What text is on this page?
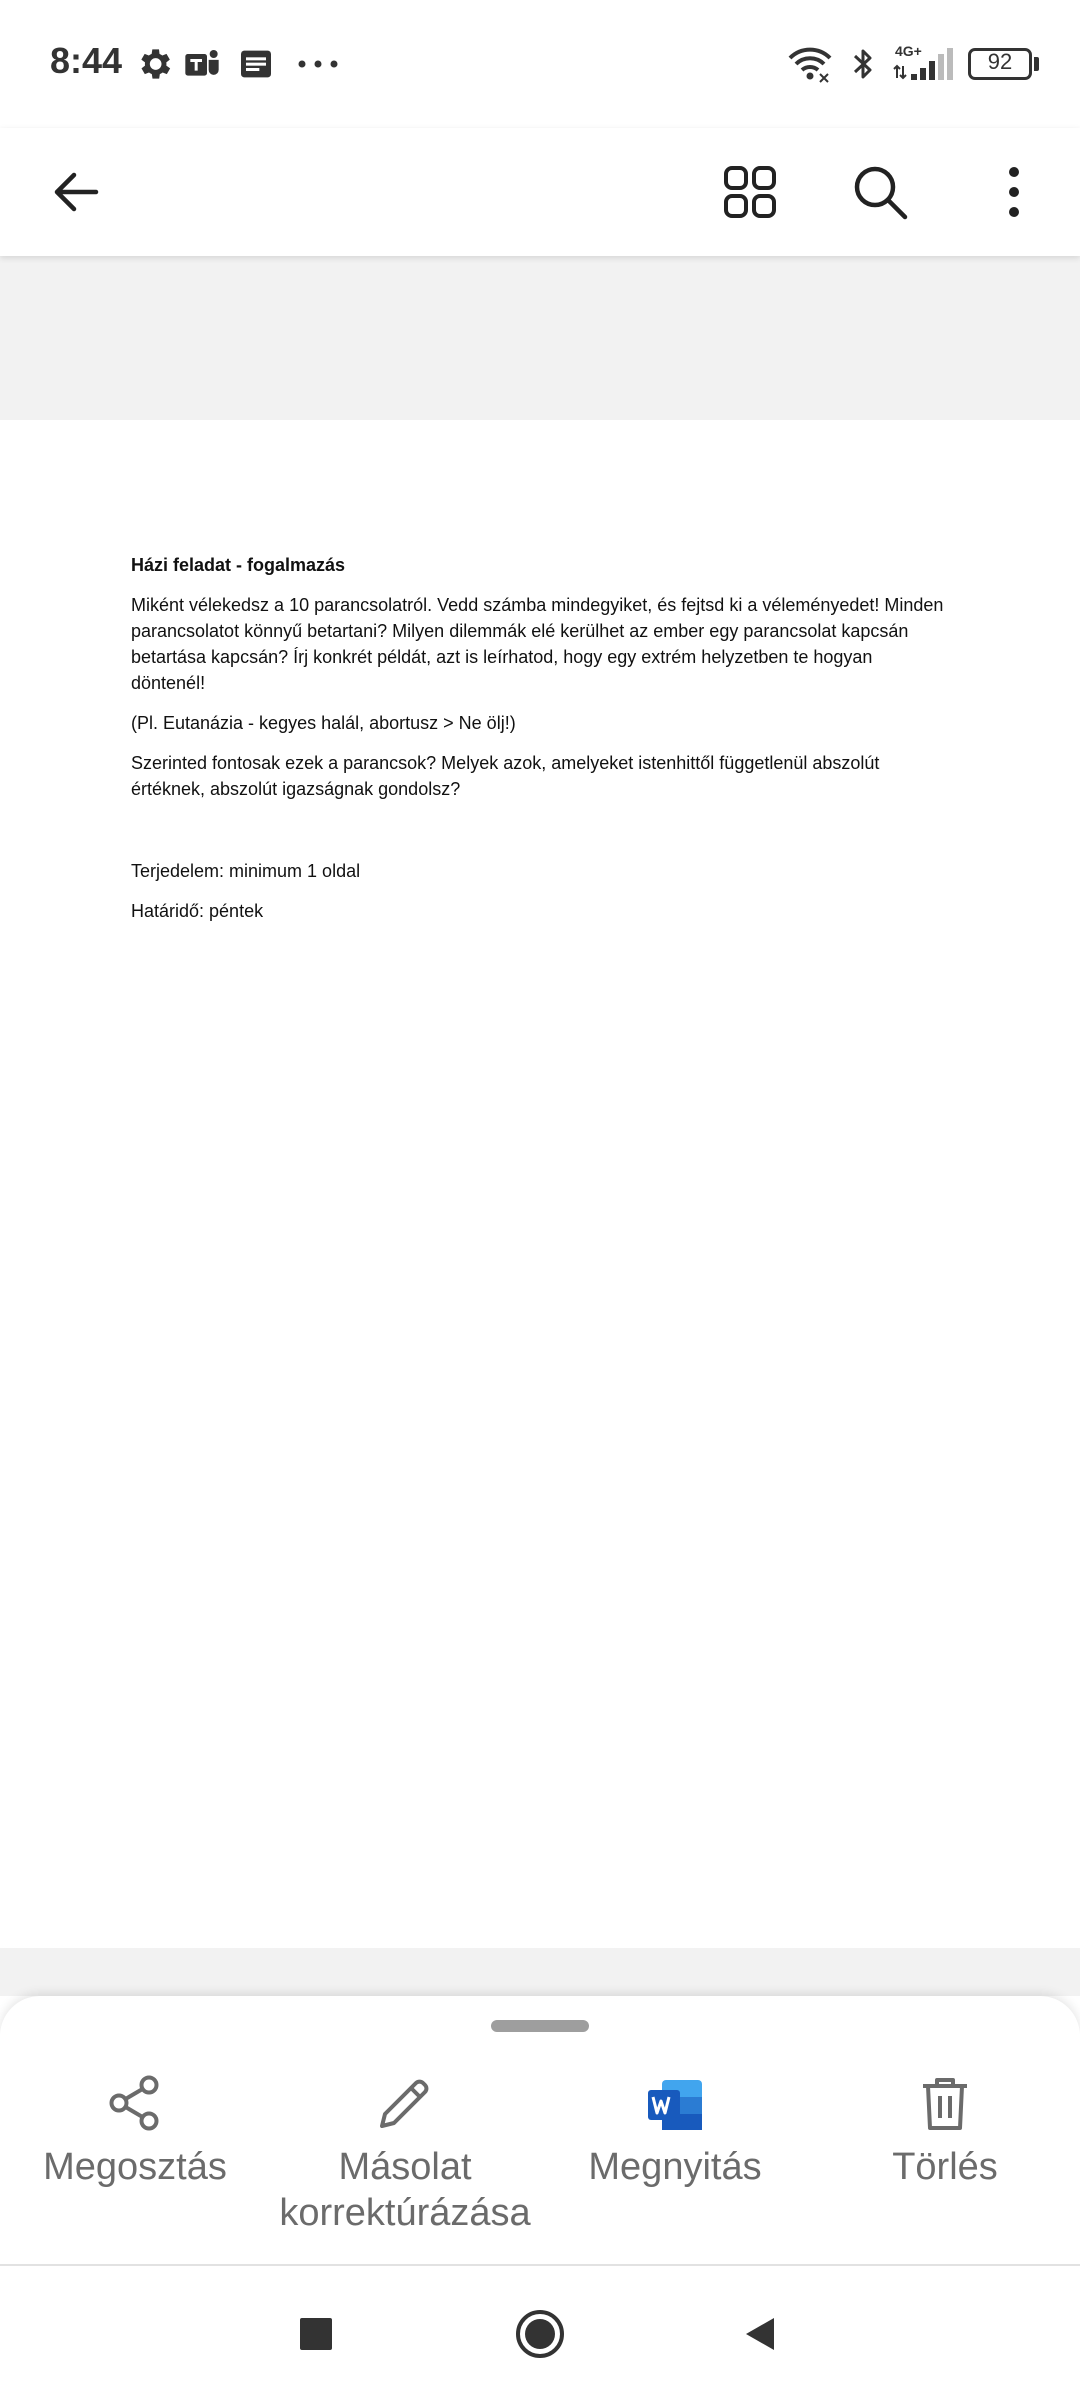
8:44	4G+	92

Házi feladat - fogalmazás

Miként vélekedsz a 10 parancsolatról. Vedd számba mindegyiket, és fejtsd ki a véleményedet! Minden parancsolatot könnyű betartani? Milyen dilemmák elé kerülhet az ember egy parancsolat kapcsán betartása kapcsán? Írj konkrét példát, azt is leírhatod, hogy egy extrém helyzetben te hogyan döntenél!

(Pl. Eutanázia - kegyes halál, abortusz > Ne ölj!)

Szerinted fontosak ezek a parancsok? Melyek azok, amelyeket istenhittől függetlenül abszolút értéknek, abszolút igazságnak gondolsz?

Terjedelem: minimum 1 oldal

Határidő: péntek

Megosztás	Másolat
korrektúrázása
Megnyitás	Törlés
